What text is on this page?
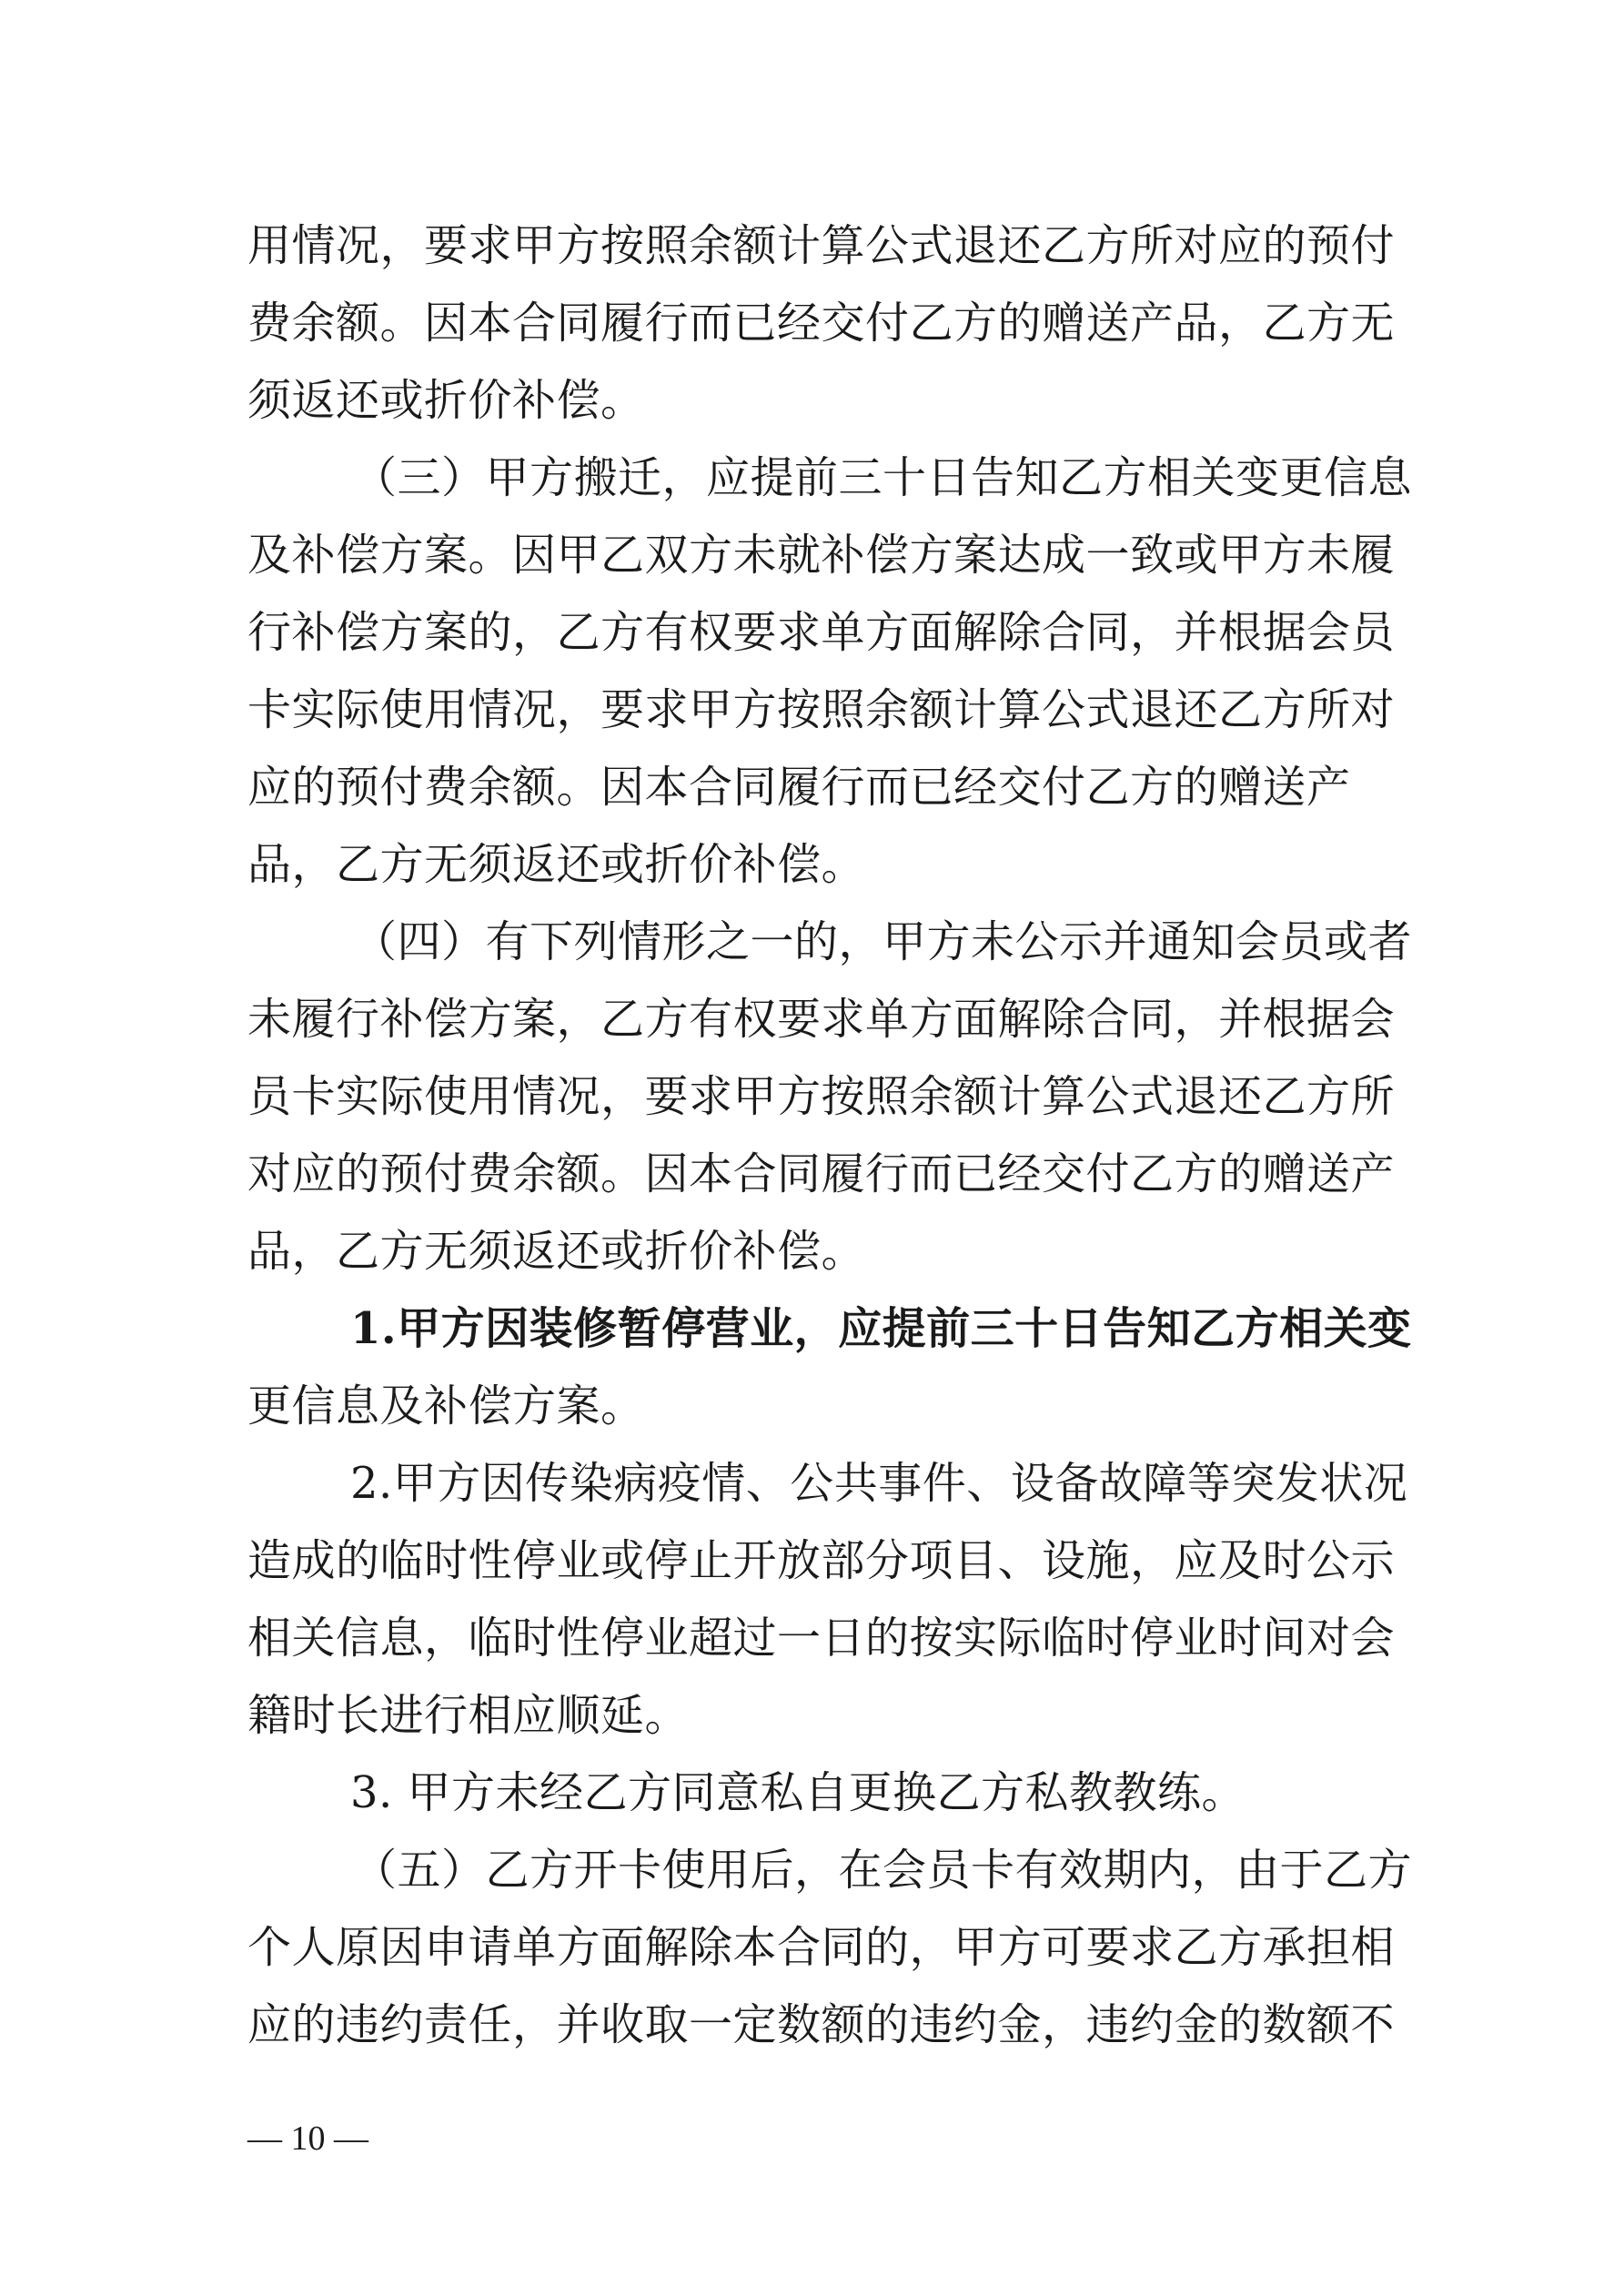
用情况，要求甲方按照余额计算公式退还乙方所对应的预付
费余额。因本合同履行而已经交付乙方的赠送产品，乙方无
须返还或折价补偿。
（三）甲方搬迁，应提前三十日告知乙方相关变更信息
及补偿方案。因甲乙双方未就补偿方案达成一致或甲方未履
行补偿方案的，乙方有权要求单方面解除合同，并根据会员
卡实际使用情况，要求甲方按照余额计算公式退还乙方所对
应的预付费余额。因本合同履行而已经交付乙方的赠送产
品，乙方无须返还或折价补偿。
（四）有下列情形之一的，甲方未公示并通知会员或者
未履行补偿方案，乙方有权要求单方面解除合同，并根据会
员卡实际使用情况，要求甲方按照余额计算公式退还乙方所
对应的预付费余额。因本合同履行而已经交付乙方的赠送产
品，乙方无须返还或折价补偿。
1.甲方因装修暂停营业，应提前三十日告知乙方相关变
更信息及补偿方案。
2.甲方因传染病疫情、公共事件、设备故障等突发状况
造成的临时性停业或停止开放部分项目、设施，应及时公示
相关信息，临时性停业超过一日的按实际临时停业时间对会
籍时长进行相应顺延。
3. 甲方未经乙方同意私自更换乙方私教教练。
（五）乙方开卡使用后，在会员卡有效期内，由于乙方
个人原因申请单方面解除本合同的，甲方可要求乙方承担相
应的违约责任，并收取一定数额的违约金，违约金的数额不
— 10 —
